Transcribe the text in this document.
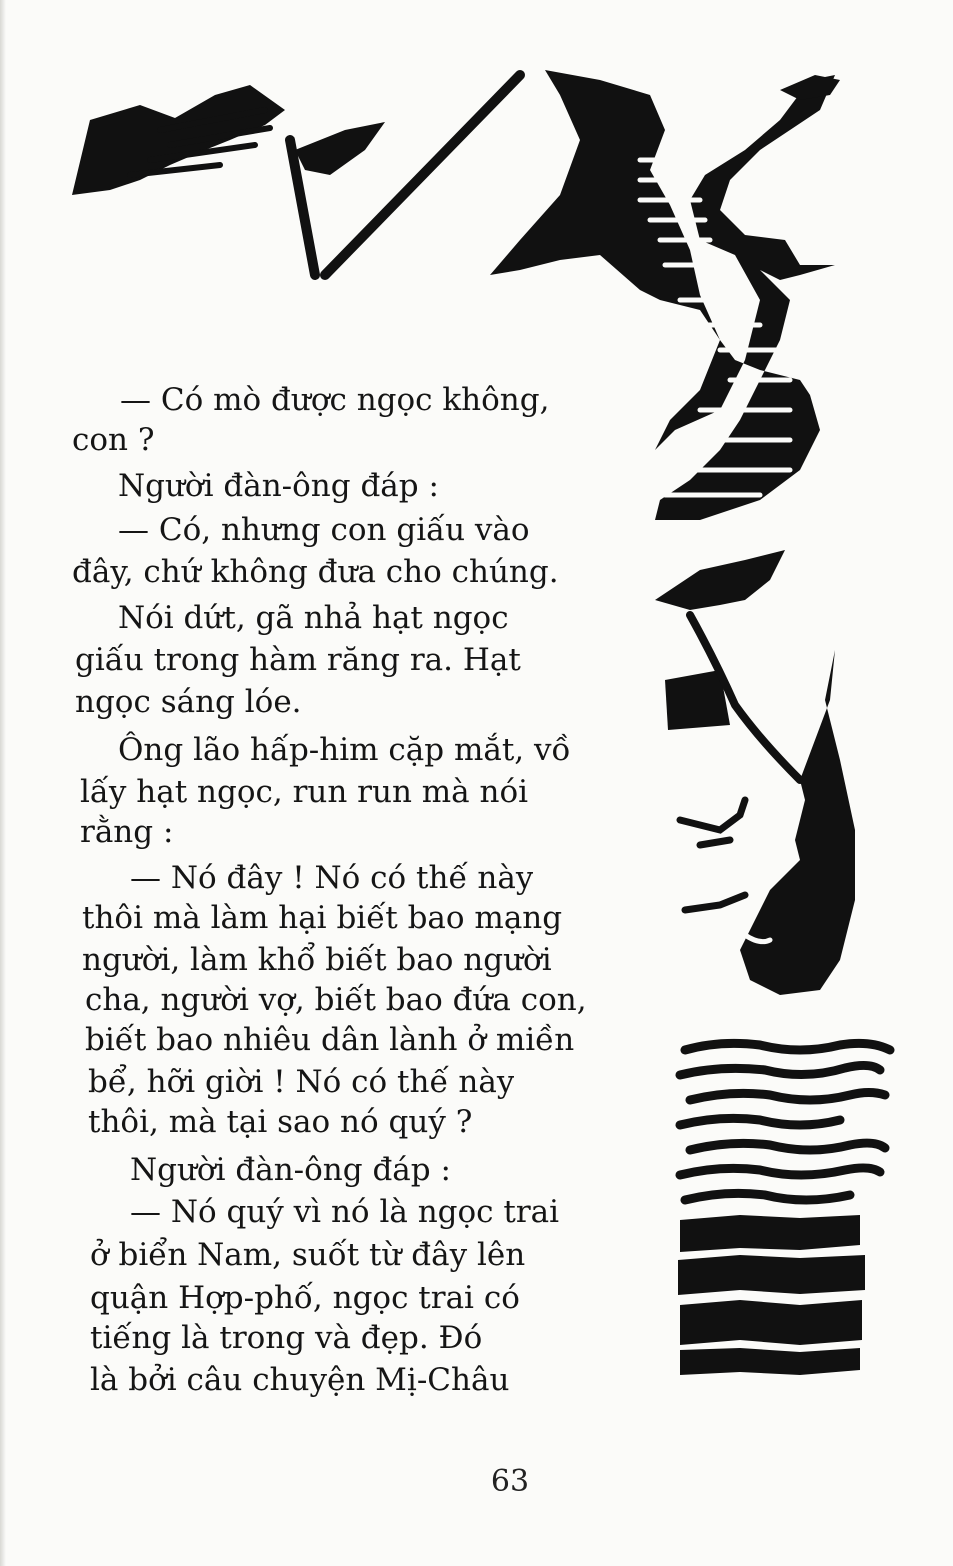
— Có mò được ngọc không,
con ?
Người đàn-ông đáp :
— Có, nhưng con giấu vào
đây, chứ không đưa cho chúng.
Nói dứt, gã nhả hạt ngọc
giấu trong hàm răng ra. Hạt
ngọc sáng lóe.
Ông lão hấp-him cặp mắt, vồ
lấy hạt ngọc, run run mà nói
rằng :
— Nó đây ! Nó có thế này
thôi mà làm hại biết bao mạng
người, làm khổ biết bao người
cha, người vợ, biết bao đứa con,
biết bao nhiêu dân lành ở miền
bể, hỡi giời ! Nó có thế này
thôi, mà tại sao nó quý ?
Người đàn-ông đáp :
— Nó quý vì nó là ngọc trai
ở biển Nam, suốt từ đây lên
quận Hợp-phố, ngọc trai có
tiếng là trong và đẹp. Đó
là bởi câu chuyện Mị-Châu
63
